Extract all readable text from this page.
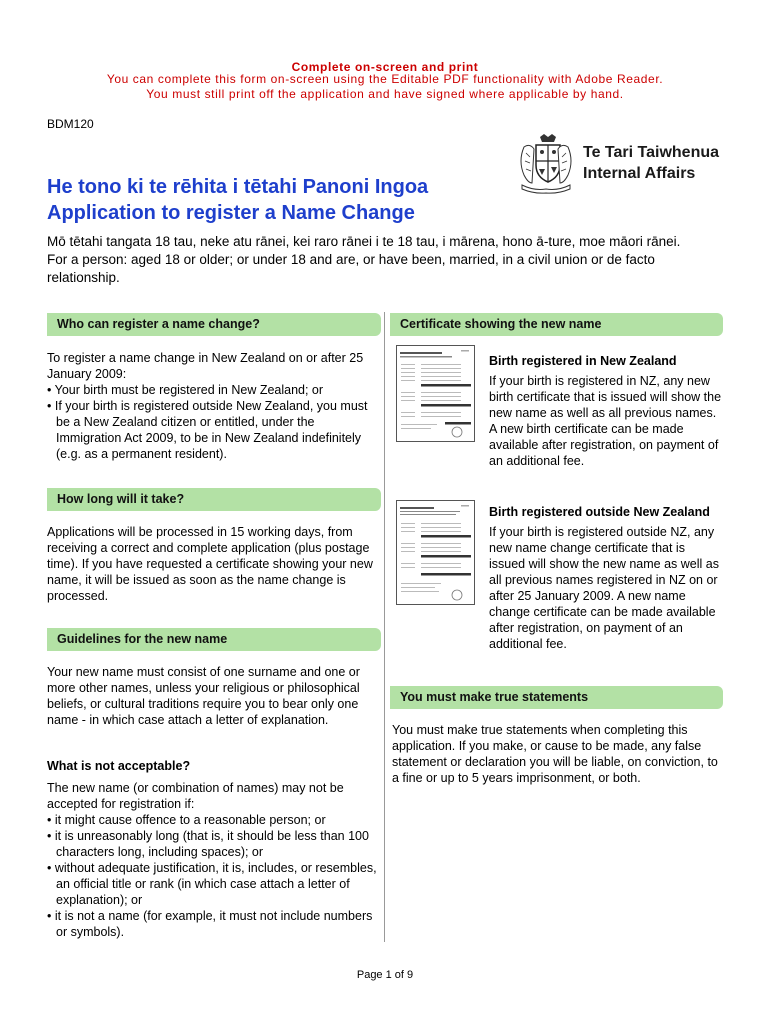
Complete on-screen and print
You can complete this form on-screen using the Editable PDF functionality with Adobe Reader.
You must still print off the application and have signed where applicable by hand.
BDM120
Te Tari Taiwhenua
Internal Affairs
He tono ki te rēhita i tētahi Panoni Ingoa
Application to register a Name Change

Mō tētahi tangata 18 tau, neke atu rānei, kei raro rānei i te 18 tau, i mārena, hono ā-ture, moe māori rānei.

For a person: aged 18 or older; or under 18 and are, or have been, married, in a civil union or de facto relationship.

Who can register a name change?

To register a name change in New Zealand on or after 25 January 2009:

• Your birth must be registered in New Zealand; or

• If your birth is registered outside New Zealand, you must be a New Zealand citizen or entitled, under the Immigration Act 2009, to be in New Zealand indefinitely (e.g. as a permanent resident).

How long will it take?

Applications will be processed in 15 working days, from receiving a correct and complete application (plus postage time). If you have requested a certificate showing your new name, it will be issued as soon as the name change is processed.

Guidelines for the new name

Your new name must consist of one surname and one or more other names, unless your religious or philosophical beliefs, or cultural traditions require you to bear only one name - in which case attach a letter of explanation.

What is not acceptable?

The new name (or combination of names) may not be accepted for registration if:

• it might cause offence to a reasonable person; or

• it is unreasonably long (that is, it should be less than 100 characters long, including spaces); or

• without adequate justification, it is, includes, or resembles, an official title or rank (in which case attach a letter of explanation); or

• it is not a name (for example, it must not include numbers or symbols).

Certificate showing the new name
Birth registered in New Zealand

If your birth is registered in NZ, any new birth certificate that is issued will show the new name as well as all previous names. A new birth certificate can be made available after registration, on payment of an additional fee.

Birth registered outside New Zealand

If your birth is registered outside NZ, any new name change certificate that is issued will show the new name as well as all previous names registered in NZ on or after 25 January 2009. A new name change certificate can be made available after registration, on payment of an additional fee.

You must make true statements

You must make true statements when completing this application. If you make, or cause to be made, any false statement or declaration you will be liable, on conviction, to a fine or up to 5 years imprisonment, or both.

Page 1 of 9
